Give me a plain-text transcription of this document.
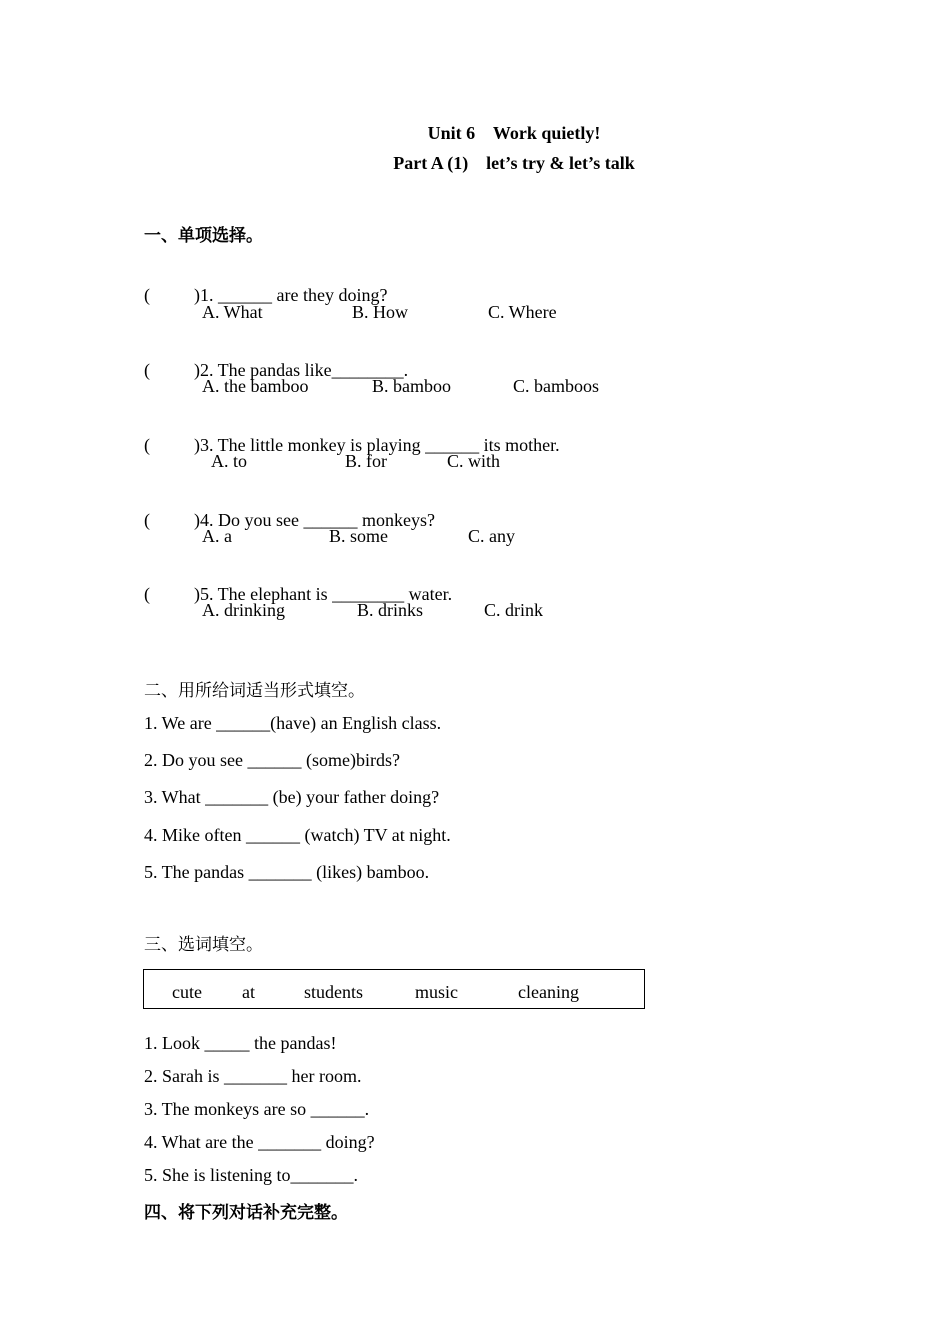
Unit 6    Work quietly!
Part A (1)    let’s try & let’s talk
一、单项选择。

( )1. ______ are they doing?

A. What	B. How	C. Where

( )2. The pandas like________.

A. the bamboo	B. bamboo	C. bamboos

( )3. The little monkey is playing ______ its mother.

A. to	B. for	C. with

( )4. Do you see ______ monkeys?

A. a	B. some	C. any

( )5. The elephant is ________ water.

A. drinking	B. drinks	C. drink
二、用所给词适当形式填空。
1. We are ______(have) an English class.
2. Do you see ______ (some)birds?
3. What _______ (be) your father doing?
4. Mike often ______ (watch) TV at night.
5. The pandas _______ (likes) bamboo.
三、选词填空。
cute at	students	music	cleaning
1. Look _____ the pandas!
2. Sarah is _______ her room.
3. The monkeys are so ______.
4. What are the _______ doing?
5. She is listening to_______.
四、将下列对话补充完整。
